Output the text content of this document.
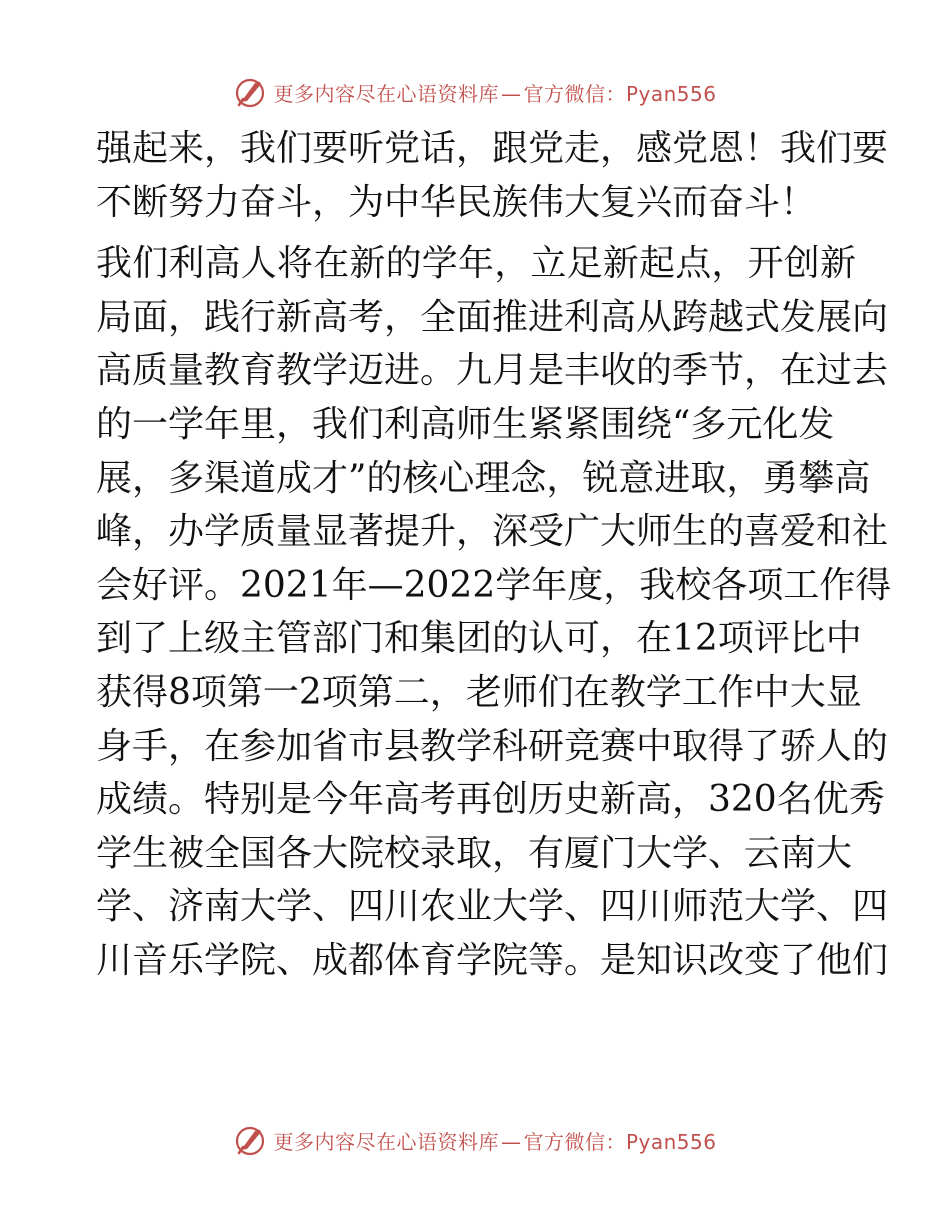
更多内容尽在心语资料库 — 官方微信：Pyan556
强起来，我们要听党话，跟党走，感党恩！我们要
不断努力奋斗，为中华民族伟大复兴而奋斗！
我们利高人将在新的学年，立足新起点，开创新
局面，践行新高考，全面推进利高从跨越式发展向
高质量教育教学迈进。九月是丰收的季节，在过去
的一学年里，我们利高师生紧紧围绕“多元化发
展，多渠道成才”的核心理念，锐意进取，勇攀高
峰，办学质量显著提升，深受广大师生的喜爱和社
会好评。2021年—2022学年度，我校各项工作得
到了上级主管部门和集团的认可，在12项评比中
获得8项第一2项第二，老师们在教学工作中大显
身手，在参加省市县教学科研竞赛中取得了骄人的
成绩。特别是今年高考再创历史新高，320名优秀
学生被全国各大院校录取，有厦门大学、云南大
学、济南大学、四川农业大学、四川师范大学、四
川音乐学院、成都体育学院等。是知识改变了他们
更多内容尽在心语资料库 — 官方微信：Pyan556
